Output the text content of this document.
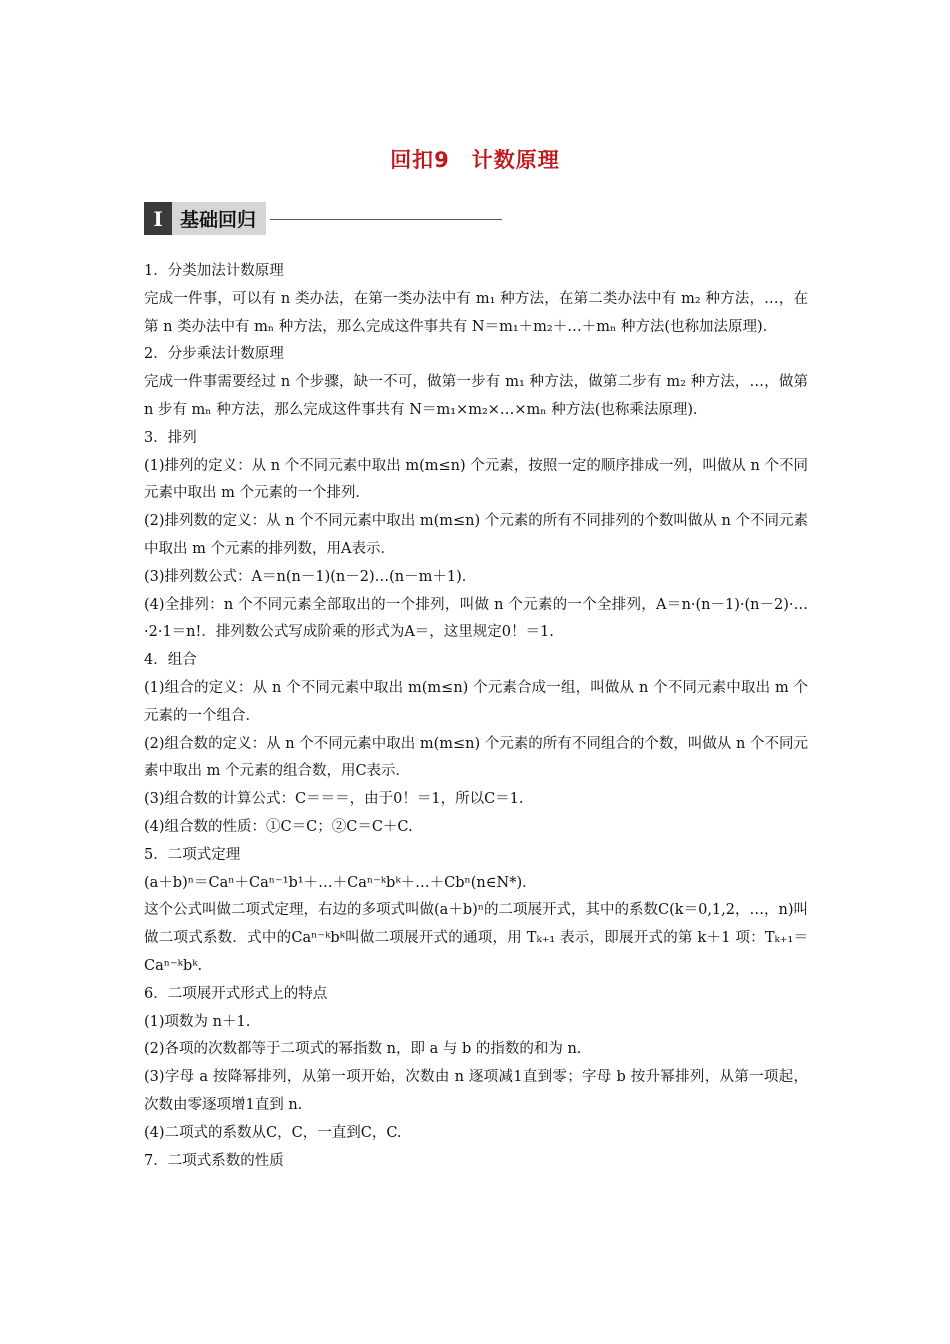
回扣9　计数原理
I 基础回归

1．分类加法计数原理

完成一件事，可以有 n 类办法，在第一类办法中有 m₁ 种方法，在第二类办法中有 m₂ 种方法，…，在第 n 类办法中有 mₙ 种方法，那么完成这件事共有 N＝m₁＋m₂＋…＋mₙ 种方法(也称加法原理)．

2．分步乘法计数原理

完成一件事需要经过 n 个步骤，缺一不可，做第一步有 m₁ 种方法，做第二步有 m₂ 种方法，…，做第 n 步有 mₙ 种方法，那么完成这件事共有 N＝m₁×m₂×…×mₙ 种方法(也称乘法原理)．

3．排列

(1)排列的定义：从 n 个不同元素中取出 m(m≤n) 个元素，按照一定的顺序排成一列，叫做从 n 个不同元素中取出 m 个元素的一个排列．

(2)排列数的定义：从 n 个不同元素中取出 m(m≤n) 个元素的所有不同排列的个数叫做从 n 个不同元素中取出 m 个元素的排列数，用A表示．

(3)排列数公式：A＝n(n－1)(n－2)…(n－m＋1)．

(4)全排列：n 个不同元素全部取出的一个排列，叫做 n 个元素的一个全排列，A＝n·(n－1)·(n－2)·…·2·1＝n!．排列数公式写成阶乘的形式为A＝，这里规定0！＝1.

4．组合

(1)组合的定义：从 n 个不同元素中取出 m(m≤n) 个元素合成一组，叫做从 n 个不同元素中取出 m 个元素的一个组合．

(2)组合数的定义：从 n 个不同元素中取出 m(m≤n) 个元素的所有不同组合的个数，叫做从 n 个不同元素中取出 m 个元素的组合数，用C表示．

(3)组合数的计算公式：C＝＝＝，由于0！＝1，所以C＝1.

(4)组合数的性质：①C＝C；②C＝C＋C.

5．二项式定理

(a＋b)ⁿ＝Caⁿ＋Caⁿ⁻¹b¹＋…＋Caⁿ⁻ᵏbᵏ＋…＋Cbⁿ(n∈N*)．

这个公式叫做二项式定理，右边的多项式叫做(a＋b)ⁿ的二项展开式，其中的系数C(k＝0,1,2，…，n)叫做二项式系数．式中的Caⁿ⁻ᵏbᵏ叫做二项展开式的通项，用 Tₖ₊₁ 表示，即展开式的第 k＋1 项：Tₖ₊₁＝Caⁿ⁻ᵏbᵏ.

6．二项展开式形式上的特点

(1)项数为 n＋1.

(2)各项的次数都等于二项式的幂指数 n，即 a 与 b 的指数的和为 n.

(3)字母 a 按降幂排列，从第一项开始，次数由 n 逐项减1直到零；字母 b 按升幂排列，从第一项起，次数由零逐项增1直到 n.

(4)二项式的系数从C，C，一直到C，C.

7．二项式系数的性质
